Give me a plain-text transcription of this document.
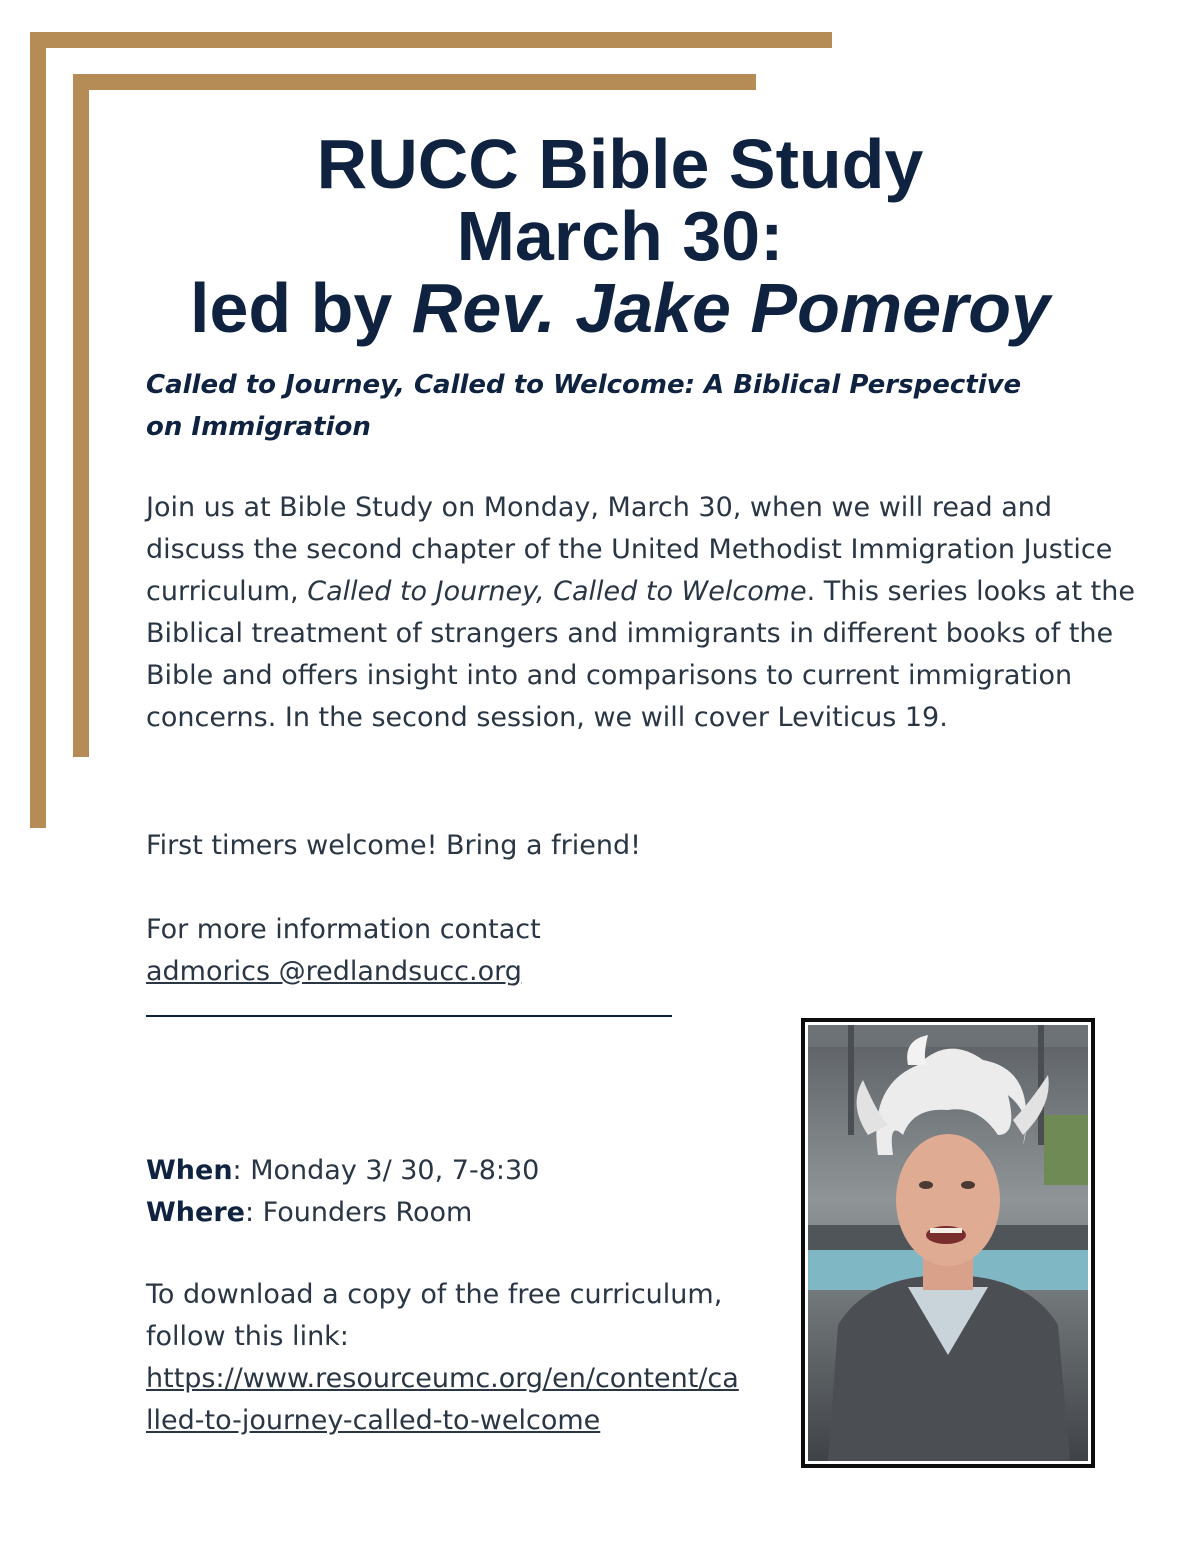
RUCC Bible Study
March 30:
led by Rev. Jake Pomeroy

Called to Journey, Called to Welcome: A Biblical Perspective on Immigration

Join us at Bible Study on Monday, March 30, when we will read and discuss the second chapter of the United Methodist Immigration Justice curriculum, Called to Journey, Called to Welcome. This series looks at the Biblical treatment of strangers and immigrants in different books of the Bible and offers insight into and comparisons to current immigration concerns. In the second session, we will cover Leviticus 19.

First timers welcome! Bring a friend!

For more information contact
admorics @redlandsucc.org

When: Monday 3/ 30, 7-8:30
Where: Founders Room

To download a copy of the free curriculum, follow this link:
https://www.resourceumc.org/en/content/called-to-journey-called-to-welcome
